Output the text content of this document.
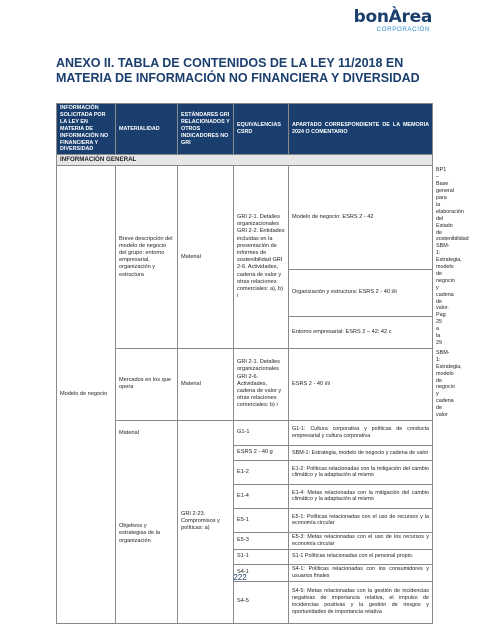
bonÀrea
CORPORACIÓN
ANEXO II. TABLA DE CONTENIDOS DE LA LEY 11/2018 EN MATERIA DE INFORMACIÓN NO FINANCIERA Y DIVERSIDAD
INFORMACIÓN SOLICITADA POR LA LEY EN MATERIA DE INFORMACIÓN NO FINANCIERA Y DIVERSIDAD	MATERIALIDAD	ESTÁNDARES GRI RELACIONADOS Y OTROS INDICADORES NO GRI	EQUIVALENCIAS CSRD	APARTADO CORRESPONDIENTE DE LA MEMORIA 2024 O COMENTARIO	
INFORMACIÓN GENERAL					
Modelo de negocio	Breve descripción del modelo de negocio del grupo: entorno empresarial, organización y estructura	Material	GRI 2-1. Detalles organizacionales GRI 2-2. Entidades incluidas en la presentación de informes de sostenibilidad GRI 2-6. Actividades, cadena de valor y otras relaciones comerciales: a), b) i	Modelo de negocio: ESRS 2 - 42	BP1 – Base general para la elaboración del Estado de sostenibilidad SBM-1: Estrategia, modelo de negocio y cadena de valor. Pag 25 a la 29
				Organización y estructura: ESRS 2 - 40 i/ii	
				Entorno empresarial: ESRS 2 – 42; 42 c	
	Mercados en los que opera	Material	GRI 2-1. Detalles organizacionales GRI 2-6. Actividades, cadena de valor y otras relaciones comerciales: b) i	ESRS 2 - 40 i/ii	SBM-1: Estrategia, modelo de negocio y cadena de valor
	Material	GRI 2-23. Compromisos y políticas: a)	G1-1	G1-1: Cultura corporativa y políticas de conducta empresarial y cultura corporativa	
	Objetivos y estrategias de la organización		ESRS 2 - 40 g	SBM-1: Estrategia, modelo de negocio y cadena de valor	
			E1-2	E1-2: Políticas relacionadas con la mitigación del cambio climático y la adaptación al mismo	
			E1-4	E1-4: Metas relacionadas con la mitigación del cambio climático y la adaptación al mismo	
			E5-1	E5-1: Políticas relacionadas con el uso de recursos y la economía circular	
			E5-3	E5-3: Metas relacionadas con el uso de los recursos y economía circular	
			S1-1	S1-1 Políticas relacionadas con el personal propio.	
			S4-1	S4-1: Políticas relacionadas con los consumidores y usuarios finales	
			S4-5	S4-5: Metas relacionadas con la gestión de incidencias negativas de importancia relativa, el impulso de incidencias positivas y la gestión de riesgos y oportunidades de importancia relativa	
222
